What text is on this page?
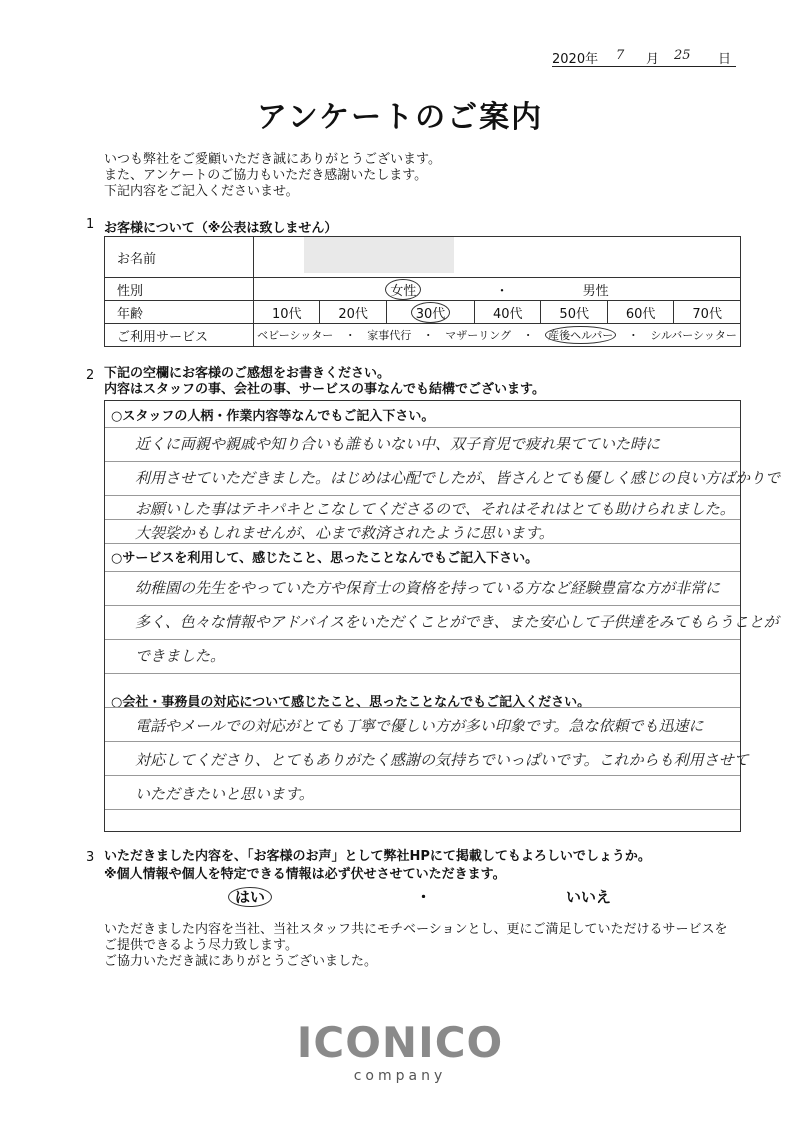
2020年 7 月 25 日
アンケートのご案内
いつも弊社をご愛顧いただき誠にありがとうございます。
また、アンケートのご協力もいただき感謝いたします。
下記内容をご記入くださいませ。
1 お客様について（※公表は致しません）
お名前							
性別	女性 ・ 男性						
年齢	10代	20代	30代	40代	50代	60代	70代
ご利用サービス	ベビーシッター ・ 家事代行 ・ マザーリング ・ 産後ヘルパー ・ シルバーシッター						
2 下記の空欄にお客様のご感想をお書きください。
内容はスタッフの事、会社の事、サービスの事なんでも結構でございます。
○スタッフの人柄・作業内容等なんでもご記入下さい。
近くに両親や親戚や知り合いも誰もいない中、双子育児で疲れ果てていた時に
利用させていただきました。はじめは心配でしたが、皆さんとても優しく感じの良い方ばかりで
お願いした事はテキパキとこなしてくださるので、それはそれはとても助けられました。
大袈裟かもしれませんが、心まで救済されたように思います。
○サービスを利用して、感じたこと、思ったことなんでもご記入下さい。
幼稚園の先生をやっていた方や保育士の資格を持っている方など経験豊富な方が非常に
多く、色々な情報やアドバイスをいただくことができ、また安心して子供達をみてもらうことが
できました。
○会社・事務員の対応について感じたこと、思ったことなんでもご記入ください。
電話やメールでの対応がとても丁寧で優しい方が多い印象です。急な依頼でも迅速に
対応してくださり、とてもありがたく感謝の気持ちでいっぱいです。これからも利用させて
いただきたいと思います。
3 いただきました内容を、「お客様のお声」として弊社HPにて掲載してもよろしいでしょうか。
※個人情報や個人を特定できる情報は必ず伏せさせていただきます。
はい	・	いいえ
いただきました内容を当社、当社スタッフ共にモチベーションとし、更にご満足していただけるサービスを
ご提供できるよう尽力致します。
ご協力いただき誠にありがとうございました。
ICONICO
company
